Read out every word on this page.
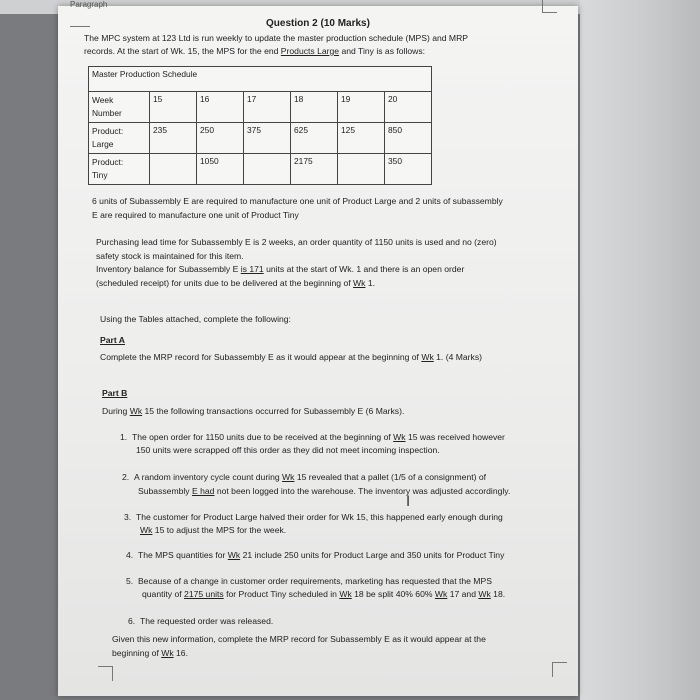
Paragraph
Question 2 (10 Marks)

The MPC system at 123 Ltd is run weekly to update the master production schedule (MPS) and MRP

records. At the start of Wk. 15, the MPS for the end Products Large and Tiny is as follows:

Master Production Schedule						
Week
Number	15	16	17	18	19	20
Product:
Large	235	250	375	625	125	850
Product:
Tiny		1050		2175		350

6 units of Subassembly E are required to manufacture one unit of Product Large and 2 units of subassembly

E are required to manufacture one unit of Product Tiny

Purchasing lead time for Subassembly E is 2 weeks, an order quantity of 1150 units is used and no (zero)

safety stock is maintained for this item.

Inventory balance for Subassembly E is 171 units at the start of Wk. 1 and there is an open order

(scheduled receipt) for units due to be delivered at the beginning of Wk 1.

Using the Tables attached, complete the following:

Part A

Complete the MRP record for Subassembly E as it would appear at the beginning of Wk 1. (4 Marks)

Part B

During Wk 15 the following transactions occurred for Subassembly E (6 Marks).

1. The open order for 1150 units due to be received at the beginning of Wk 15 was received however

150 units were scrapped off this order as they did not meet incoming inspection.

2. A random inventory cycle count during Wk 15 revealed that a pallet (1/5 of a consignment) of

Subassembly E had not been logged into the warehouse. The inventory was adjusted accordingly.

I

3. The customer for Product Large halved their order for Wk 15, this happened early enough during

Wk 15 to adjust the MPS for the week.

4. The MPS quantities for Wk 21 include 250 units for Product Large and 350 units for Product Tiny

5. Because of a change in customer order requirements, marketing has requested that the MPS

quantity of 2175 units for Product Tiny scheduled in Wk 18 be split 40% 60% Wk 17 and Wk 18.

6. The requested order was released.

Given this new information, complete the MRP record for Subassembly E as it would appear at the

beginning of Wk 16.
